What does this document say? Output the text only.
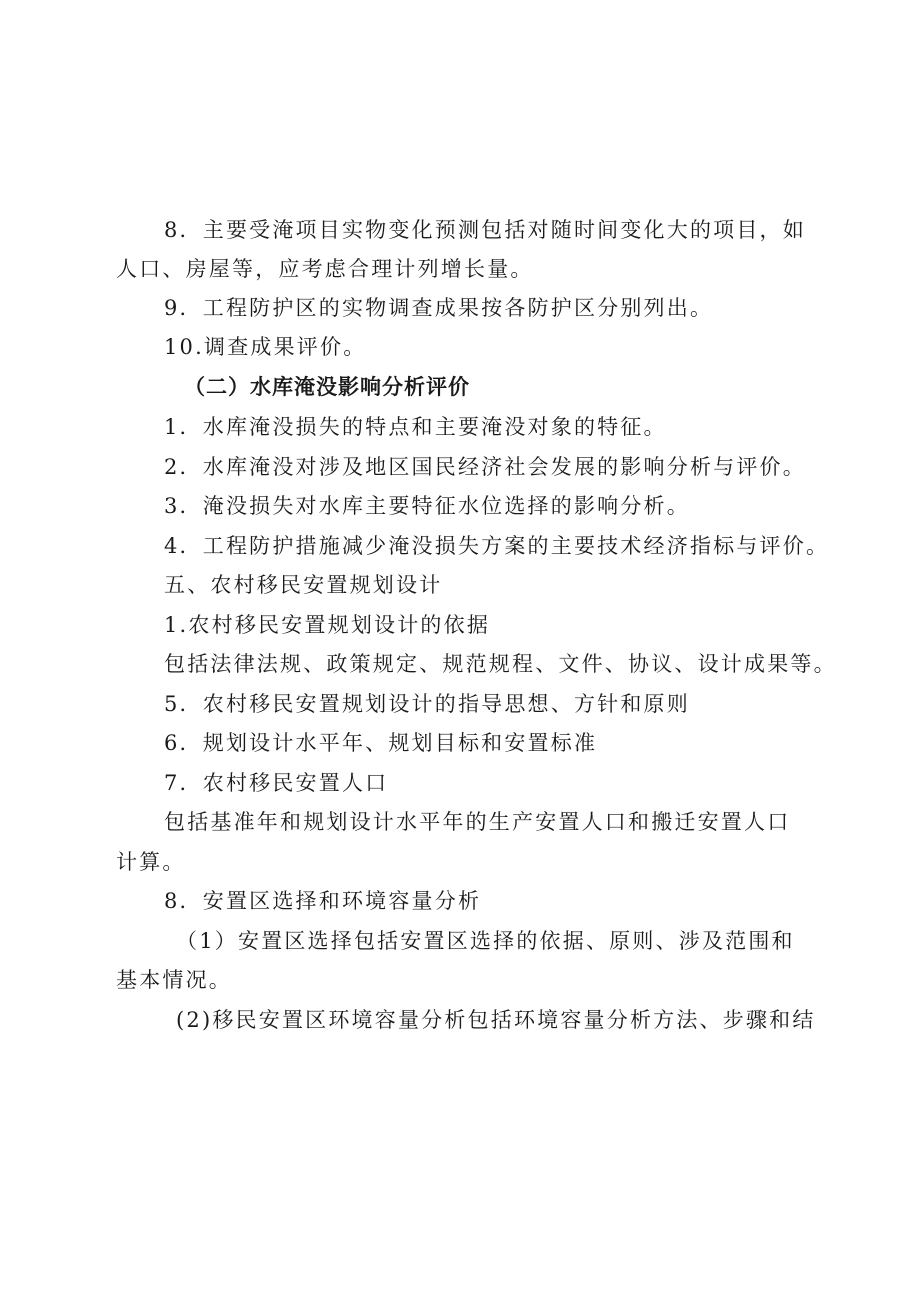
8．主要受淹项目实物变化预测包括对随时间变化大的项目，如
人口、房屋等，应考虑合理计列增长量。
9．工程防护区的实物调查成果按各防护区分别列出。
10.调查成果评价。
（二）水库淹没影响分析评价
1．水库淹没损失的特点和主要淹没对象的特征。
2．水库淹没对涉及地区国民经济社会发展的影响分析与评价。
3．淹没损失对水库主要特征水位选择的影响分析。
4．工程防护措施减少淹没损失方案的主要技术经济指标与评价。
五、农村移民安置规划设计
1.农村移民安置规划设计的依据
包括法律法规、政策规定、规范规程、文件、协议、设计成果等。
5．农村移民安置规划设计的指导思想、方针和原则
6．规划设计水平年、规划目标和安置标准
7．农村移民安置人口
包括基准年和规划设计水平年的生产安置人口和搬迁安置人口
计算。
8．安置区选择和环境容量分析
（1）安置区选择包括安置区选择的依据、原则、涉及范围和
基本情况。
(2)移民安置区环境容量分析包括环境容量分析方法、步骤和结
